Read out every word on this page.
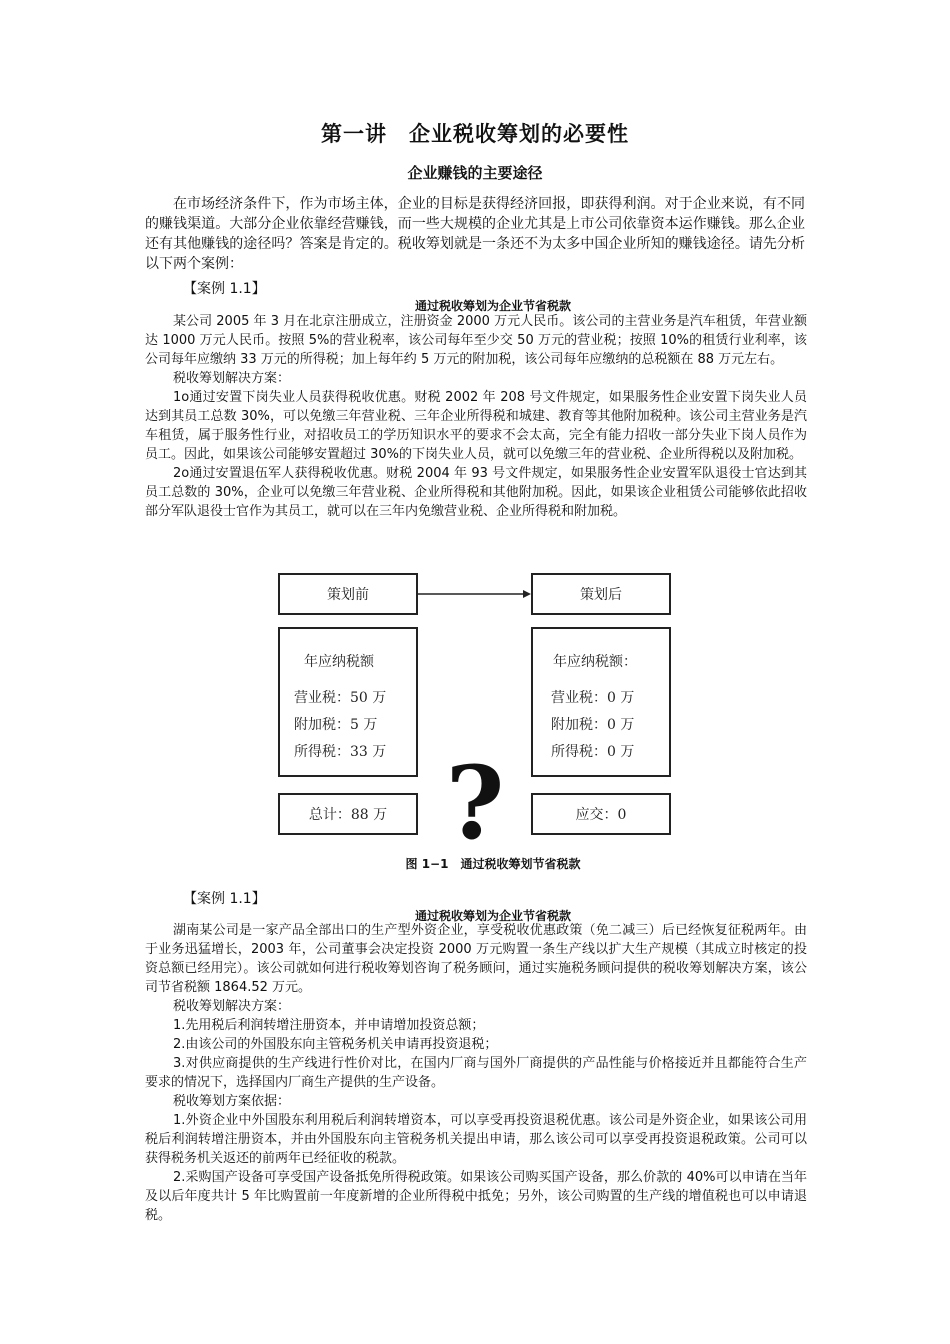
第一讲　企业税收筹划的必要性
企业赚钱的主要途径

在市场经济条件下，作为市场主体，企业的目标是获得经济回报，即获得利润。对于企业来说，有不同的赚钱渠道。大部分企业依靠经营赚钱，而一些大规模的企业尤其是上市公司依靠资本运作赚钱。那么企业还有其他赚钱的途径吗？答案是肯定的。税收筹划就是一条还不为太多中国企业所知的赚钱途径。请先分析以下两个案例：

【案例 1.1】
通过税收筹划为企业节省税款

某公司 2005 年 3 月在北京注册成立，注册资金 2000 万元人民币。该公司的主营业务是汽车租赁，年营业额达 1000 万元人民币。按照 5%的营业税率，该公司每年至少交 50 万元的营业税；按照 10%的租赁行业利率，该公司每年应缴纳 33 万元的所得税；加上每年约 5 万元的附加税，该公司每年应缴纳的总税额在 88 万元左右。

税收筹划解决方案：

1o通过安置下岗失业人员获得税收优惠。财税 2002 年 208 号文件规定，如果服务性企业安置下岗失业人员达到其员工总数 30%，可以免缴三年营业税、三年企业所得税和城建、教育等其他附加税种。该公司主营业务是汽车租赁，属于服务性行业，对招收员工的学历知识水平的要求不会太高，完全有能力招收一部分失业下岗人员作为员工。因此，如果该公司能够安置超过 30%的下岗失业人员，就可以免缴三年的营业税、企业所得税以及附加税。

2o通过安置退伍军人获得税收优惠。财税 2004 年 93 号文件规定，如果服务性企业安置军队退役士官达到其员工总数的 30%，企业可以免缴三年营业税、企业所得税和其他附加税。因此，如果该企业租赁公司能够依此招收部分军队退役士官作为其员工，就可以在三年内免缴营业税、企业所得税和附加税。

策划前	策划后
年应纳税额
营业税：50 万
附加税：5 万
所得税：33 万
年应纳税额：
营业税：0 万
附加税：0 万
所得税：0 万
?
总计：88 万	应交：0
图 1−1　通过税收筹划节省税款
【案例 1.1】
通过税收筹划为企业节省税款

湖南某公司是一家产品全部出口的生产型外资企业，享受税收优惠政策（免二减三）后已经恢复征税两年。由于业务迅猛增长，2003 年，公司董事会决定投资 2000 万元购置一条生产线以扩大生产规模（其成立时核定的投资总额已经用完）。该公司就如何进行税收筹划咨询了税务顾问，通过实施税务顾问提供的税收筹划解决方案，该公司节省税额 1864.52 万元。

税收筹划解决方案：

1.先用税后利润转增注册资本，并申请增加投资总额；

2.由该公司的外国股东向主管税务机关申请再投资退税；

3.对供应商提供的生产线进行性价对比，在国内厂商与国外厂商提供的产品性能与价格接近并且都能符合生产要求的情况下，选择国内厂商生产提供的生产设备。

税收筹划方案依据：

1.外资企业中外国股东利用税后利润转增资本，可以享受再投资退税优惠。该公司是外资企业，如果该公司用税后利润转增注册资本，并由外国股东向主管税务机关提出申请，那么该公司可以享受再投资退税政策。公司可以获得税务机关返还的前两年已经征收的税款。

2.采购国产设备可享受国产设备抵免所得税政策。如果该公司购买国产设备，那么价款的 40%可以申请在当年及以后年度共计 5 年比购置前一年度新增的企业所得税中抵免；另外，该公司购置的生产线的增值税也可以申请退税。
